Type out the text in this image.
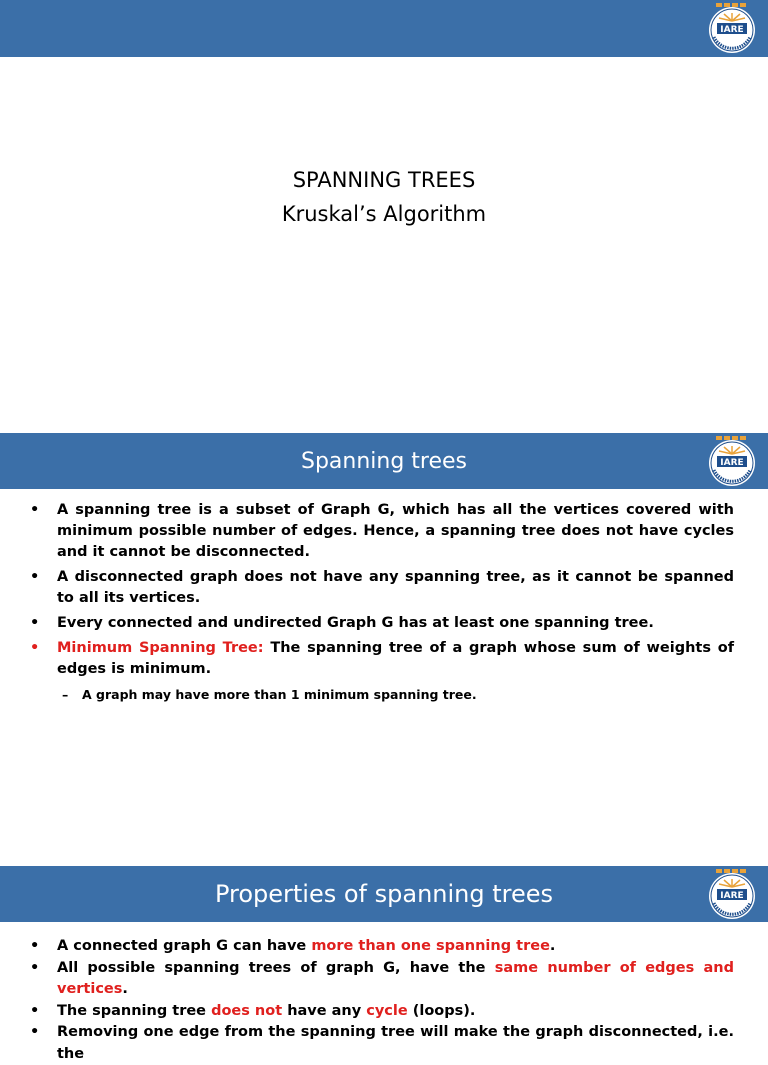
IARE
SPANNING TREES
Kruskal’s Algorithm
Spanning trees	IARE
• A spanning tree is a subset of Graph G, which has all the vertices covered with minimum possible number of edges. Hence, a spanning tree does not have cycles and it cannot be disconnected.
• A disconnected graph does not have any spanning tree, as it cannot be spanned to all its vertices.
• Every connected and undirected Graph G has at least one spanning tree.
• Minimum Spanning Tree: The spanning tree of a graph whose sum of weights of edges is minimum.
– A graph may have more than 1 minimum spanning tree.
Properties of spanning trees	IARE
• A connected graph G can have more than one spanning tree.
• All possible spanning trees of graph G, have the same number of edges and vertices.
• The spanning tree does not have any cycle (loops).
• Removing one edge from the spanning tree will make the graph disconnected, i.e. the
